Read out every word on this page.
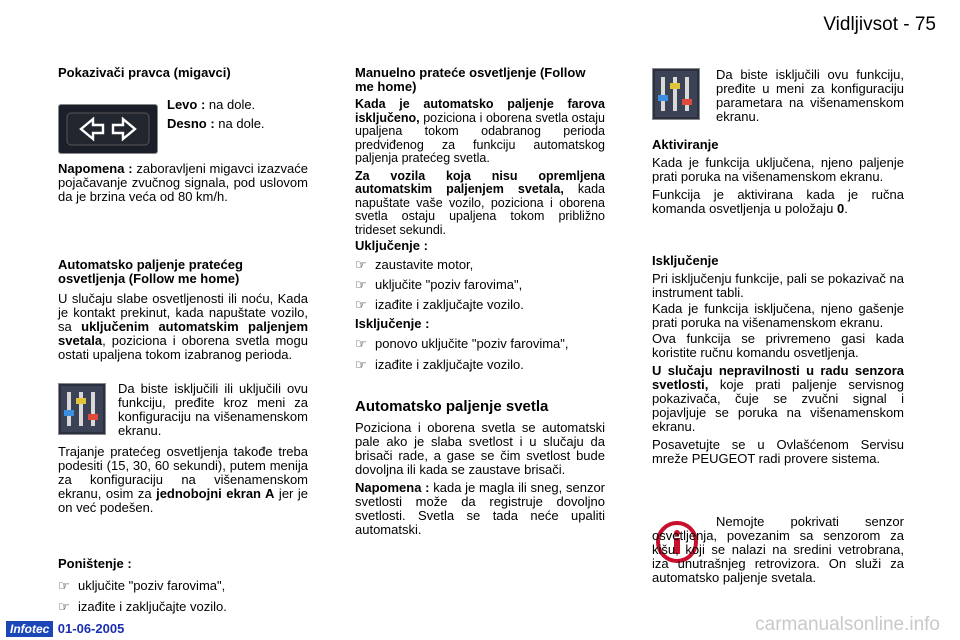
Vidljivsot - 75
Pokazivači pravca (migavci)
Levo : na dole.
Desno : na dole.
Napomena : zaboravljeni migavci izazvaće pojačavanje zvučnog signala, pod uslovom da je brzina veća od 80 km/h.
Automatsko paljenje pratećeg osvetljenja (Follow me home)
U slučaju slabe osvetljenosti ili noću, Kada je kontakt prekinut, kada napuštate vozilo, sa uključenim automatskim paljenjem svetala, poziciona i oborena svetla mogu ostati upaljena tokom izabranog perioda.
Da biste isključili ili uključili ovu funkciju, pređite kroz meni za konfiguraciju na višenamenskom ekranu.
Trajanje pratećeg osvetljenja takođe treba podesiti (15, 30, 60 sekundi), putem menija za konfiguraciju na višenamenskom ekranu, osim za jednobojni ekran A jer je on već podešen.
Poništenje :
☞ uključite "poziv farovima",
☞ izađite i zaključajte vozilo.
Manuelno prateće osvetljenje (Follow me home)
Kada je automatsko paljenje farova isključeno, poziciona i oborena svetla ostaju upaljena tokom odabranog perioda predviđenog za funkciju automatskog paljenja pratećeg svetla.
Za vozila koja nisu opremljena automatskim paljenjem svetala, kada napuštate vaše vozilo, poziciona i oborena svetla ostaju upaljena tokom približno trideset sekundi.
Uključenje :
☞ zaustavite motor,
☞ uključite "poziv farovima",
☞ izađite i zaključajte vozilo.
Isključenje :
☞ ponovo uključite "poziv farovima",
☞ izađite i zaključajte vozilo.
Automatsko paljenje svetla
Poziciona i oborena svetla se automatski pale ako je slaba svetlost i u slučaju da brisači rade, a gase se čim svetlost bude dovoljna ili kada se zaustave brisači.
Napomena : kada je magla ili sneg, senzor svetlosti može da registruje dovoljno svetlosti. Svetla se tada neće upaliti automatski.
Da biste isključili ovu funkciju, pređite u meni za konfiguraciju parametara na višenamenskom ekranu.
Aktiviranje
Kada je funkcija uključena, njeno paljenje prati poruka na višenamenskom ekranu.
Funkcija je aktivirana kada je ručna komanda osvetljenja u položaju 0.
Isključenje
Pri isključenju funkcije, pali se pokazivač na instrument tabli.
Kada je funkcija isključena, njeno gašenje prati poruka na višenamenskom ekranu.
Ova funkcija se privremeno gasi kada koristite ručnu komandu osvetljenja.
U slučaju nepravilnosti u radu senzora svetlosti, koje prati paljenje servisnog pokazivača, čuje se zvučni signal i pojavljuje se poruka na višenamenskom ekranu.
Posavetujte se u Ovlašćenom Servisu mreže PEUGEOT radi provere sistema.
Nemojte pokrivati senzor osvetljenja, povezanim sa senzorom za kišu, koji se nalazi na sredini vetrobrana, iza unutrašnjeg retrovizora. On služi za automatsko paljenje svetala.
Infotec 01-06-2005	carmanualsonline.info
